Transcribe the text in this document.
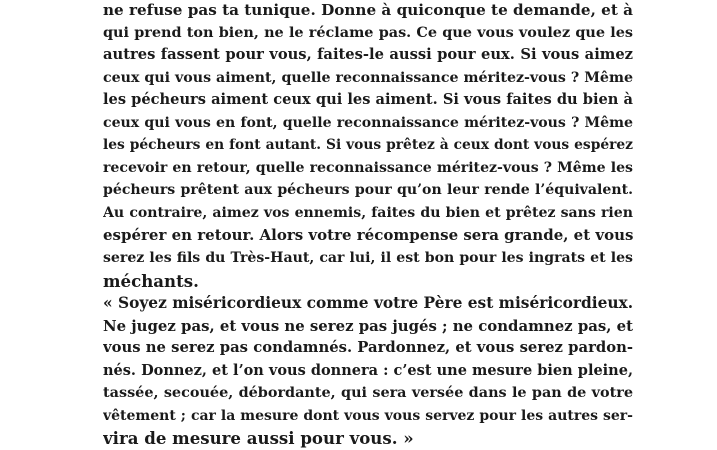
ne refuse pas ta tunique. Donne à quiconque te demande, et à
qui prend ton bien, ne le réclame pas. Ce que vous voulez que les
autres fassent pour vous, faites-le aussi pour eux. Si vous aimez
ceux qui vous aiment, quelle reconnaissance méritez-vous ? Même
les pécheurs aiment ceux qui les aiment. Si vous faites du bien à
ceux qui vous en font, quelle reconnaissance méritez-vous ? Même
les pécheurs en font autant. Si vous prêtez à ceux dont vous espérez
recevoir en retour, quelle reconnaissance méritez-vous ? Même les
pécheurs prêtent aux pécheurs pour qu’on leur rende l’équivalent.
Au contraire, aimez vos ennemis, faites du bien et prêtez sans rien
espérer en retour. Alors votre récompense sera grande, et vous
serez les fils du Très-Haut, car lui, il est bon pour les ingrats et les
méchants.
« Soyez miséricordieux comme votre Père est miséricordieux.
Ne jugez pas, et vous ne serez pas jugés ; ne condamnez pas, et
vous ne serez pas condamnés. Pardonnez, et vous serez pardon-
nés. Donnez, et l’on vous donnera : c’est une mesure bien pleine,
tassée, secouée, débordante, qui sera versée dans le pan de votre
vêtement ; car la mesure dont vous vous servez pour les autres ser-
vira de mesure aussi pour vous. »
